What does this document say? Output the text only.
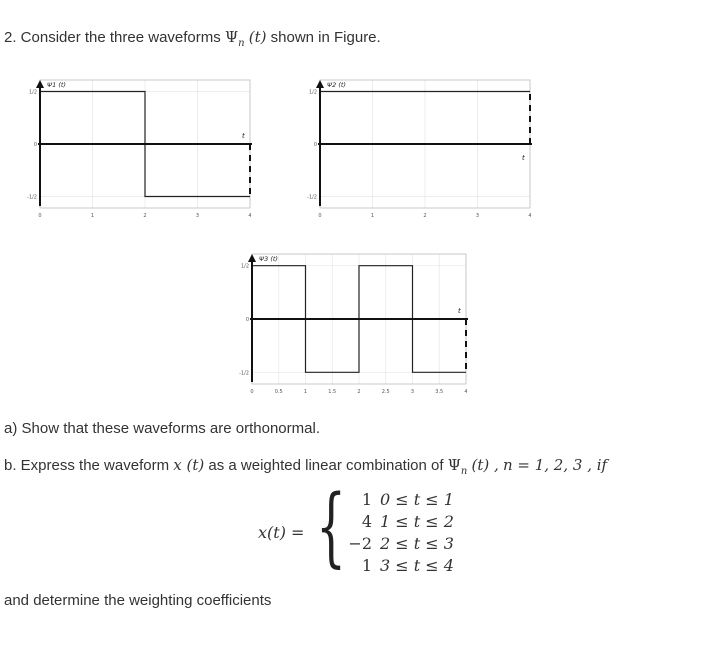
2. Consider the three waveforms $\Psi_n$ (t) shown in Figure.
0	1	2	3	4
1/2
0
-1/2
Ψ1 (t)
t
0	1	2	3	4
1/2
0
-1/2
Ψ2 (t)
t
0	0.5	1	1.5	2	2.5	3	3.5	4
1/2
0
-1/2
Ψ3 (t)
t
a) Show that these waveforms are orthonormal.
b. Express the waveform x (t) as a weighted linear combination of $\Psi_n$ (t) , n = 1, 2, 3 , if
x(t) = { 1 0 ≤ t ≤ 1
4 1 ≤ t ≤ 2
−2 2 ≤ t ≤ 3
1 3 ≤ t ≤ 4
and determine the weighting coefficients
